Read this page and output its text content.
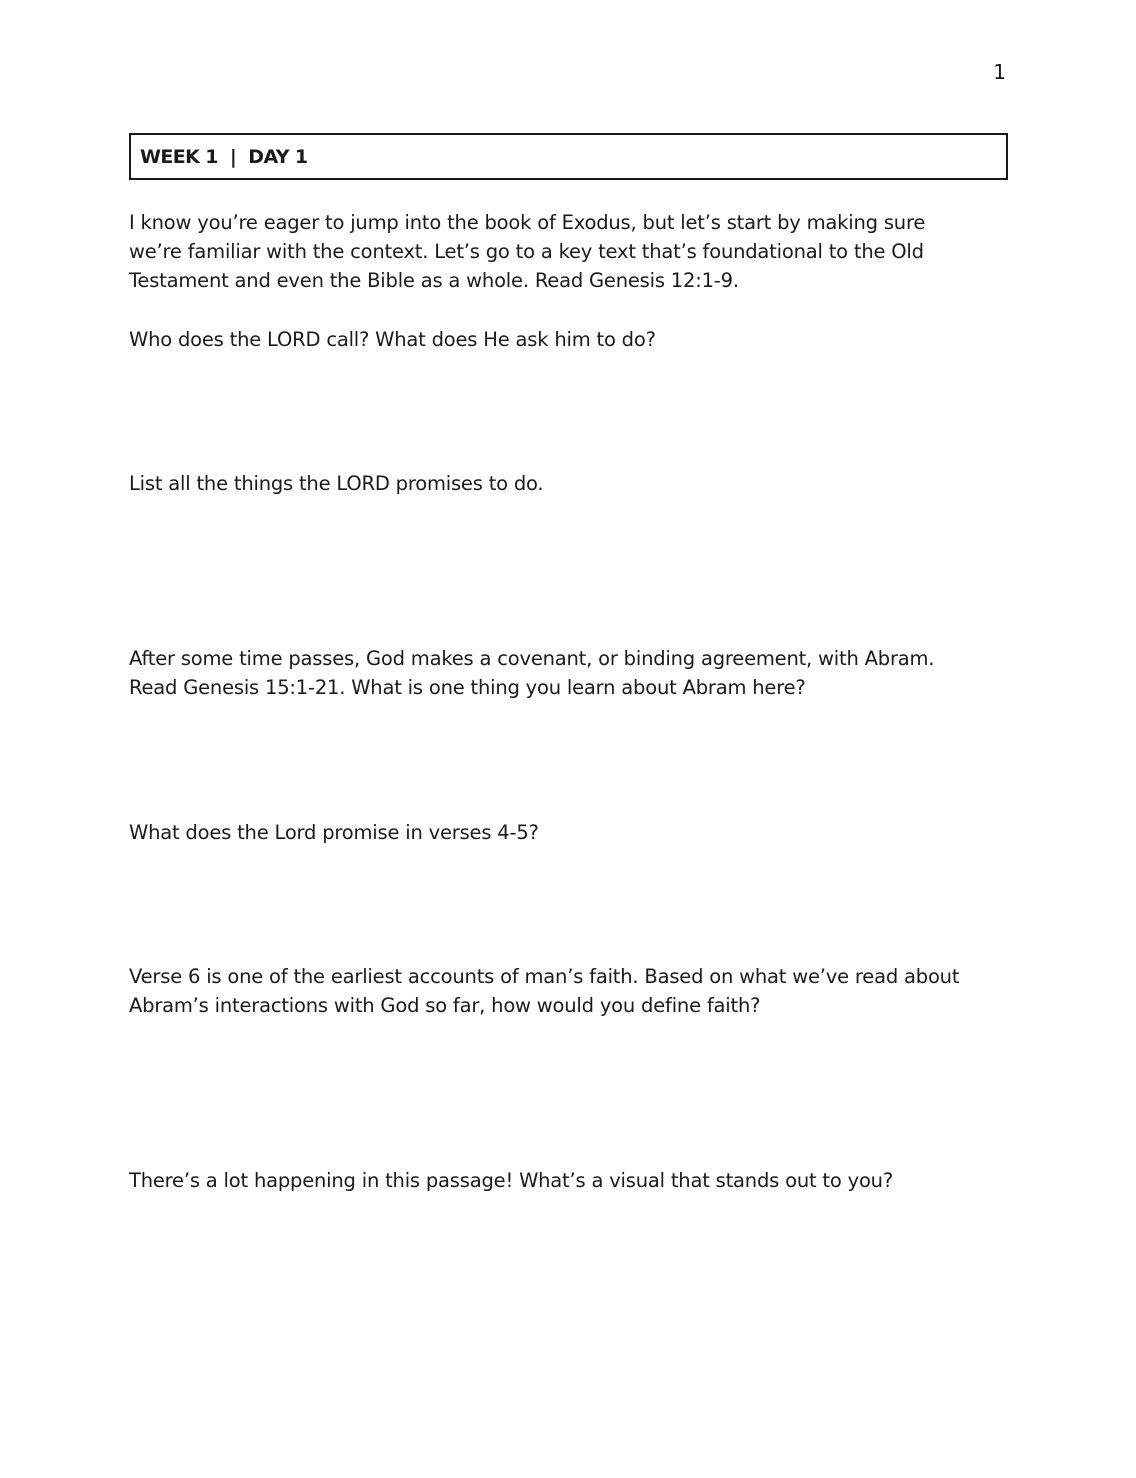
1
WEEK 1  |  DAY 1

I know you’re eager to jump into the book of Exodus, but let’s start by making sure
we’re familiar with the context. Let’s go to a key text that’s foundational to the Old
Testament and even the Bible as a whole. Read Genesis 12:1-9.

Who does the LORD call? What does He ask him to do?

List all the things the LORD promises to do.

After some time passes, God makes a covenant, or binding agreement, with Abram.
Read Genesis 15:1-21. What is one thing you learn about Abram here?

What does the Lord promise in verses 4-5?

Verse 6 is one of the earliest accounts of man’s faith. Based on what we’ve read about
Abram’s interactions with God so far, how would you define faith?

There’s a lot happening in this passage! What’s a visual that stands out to you?
